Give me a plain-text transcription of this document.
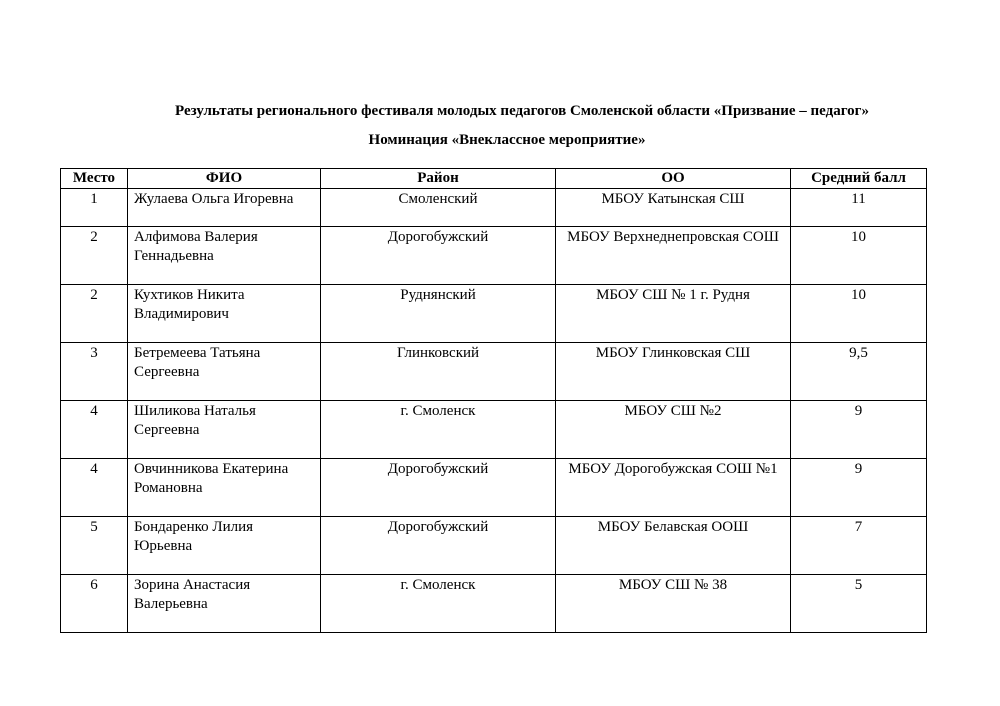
Результаты регионального фестиваля молодых педагогов Смоленской области «Призвание – педагог»
Номинация «Внеклассное мероприятие»
Место	ФИО	Район	ОО	Средний балл
1	Жулаева Ольга Игоревна	Смоленский	МБОУ Катынская СШ	11
2	Алфимова Валерия Геннадьевна	Дорогобужский	МБОУ Верхнеднепровская СОШ	10
2	Кухтиков Никита Владимирович	Руднянский	МБОУ СШ № 1 г. Рудня	10
3	Бетремеева Татьяна Сергеевна	Глинковский	МБОУ Глинковская СШ	9,5
4	Шиликова Наталья Сергеевна	г. Смоленск	МБОУ СШ №2	9
4	Овчинникова Екатерина Романовна	Дорогобужский	МБОУ Дорогобужская СОШ №1	9
5	Бондаренко Лилия Юрьевна	Дорогобужский	МБОУ Белавская ООШ	7
6	Зорина Анастасия Валерьевна	г. Смоленск	МБОУ СШ № 38	5
